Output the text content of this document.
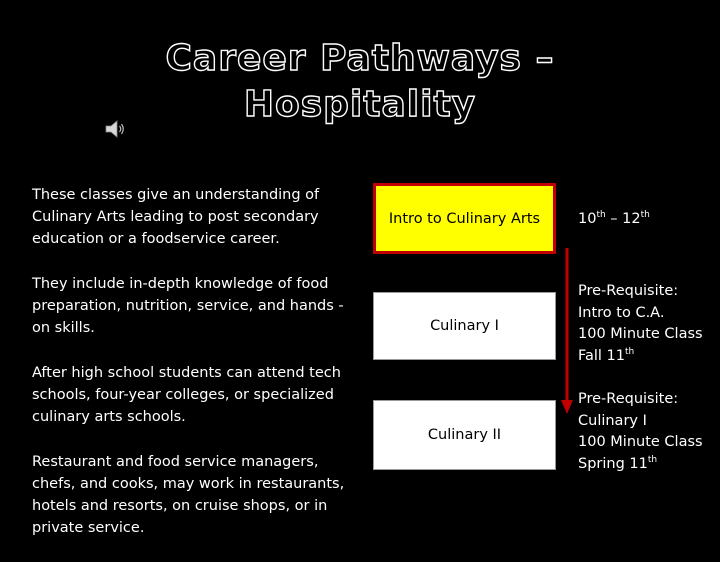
Career Pathways –
Hospitality

These classes give an understanding of Culinary Arts leading to post secondary education or a foodservice career.

They include in-depth knowledge of food preparation, nutrition, service, and hands -on skills.

After high school students can attend tech schools, four-year colleges, or specialized culinary arts schools.

Restaurant and food service managers, chefs, and cooks, may work in restaurants, hotels and resorts, on cruise shops, or in private service.

Intro to Culinary Arts
Culinary I
Culinary II
10th – 12th
Pre-Requisite:
Intro to C.A.
100 Minute Class
Fall 11th
Pre-Requisite:
Culinary I
100 Minute Class
Spring 11th
